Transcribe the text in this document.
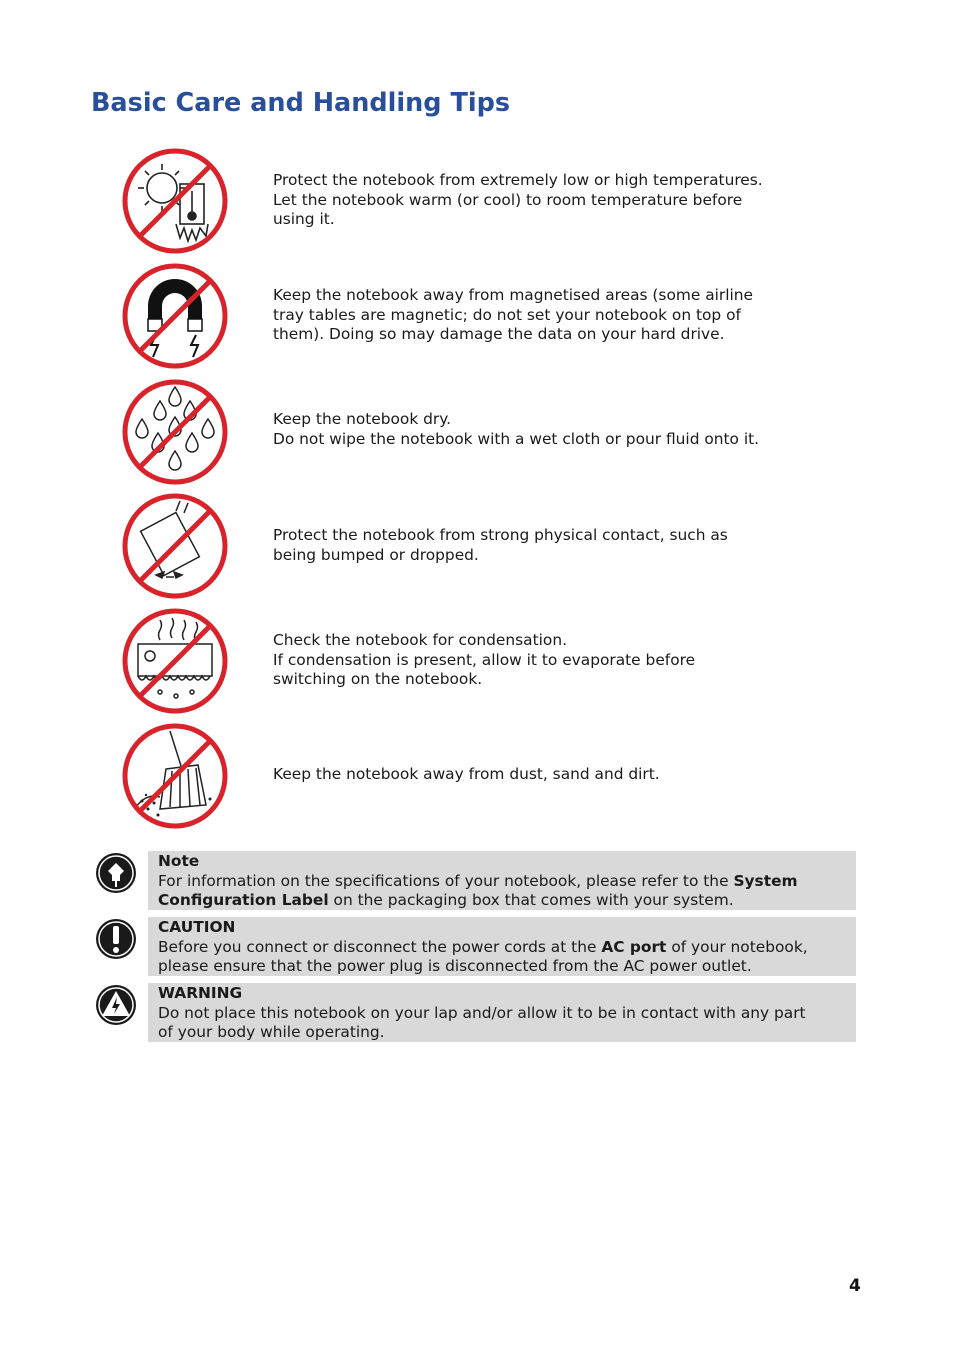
Basic Care and Handling Tips
Protect the notebook from extremely low or high temperatures.
Let the notebook warm (or cool) to room temperature before
using it.
Keep the notebook away from magnetised areas (some airline
tray tables are magnetic; do not set your notebook on top of
them). Doing so may damage the data on your hard drive.
Keep the notebook dry.
Do not wipe the notebook with a wet cloth or pour fluid onto it.
Protect the notebook from strong physical contact, such as
being bumped or dropped.
Check the notebook for condensation.
If condensation is present, allow it to evaporate before
switching on the notebook.
Keep the notebook away from dust, sand and dirt.
Note
For information on the specifications of your notebook, please refer to the System
Configuration Label on the packaging box that comes with your system.
CAUTION
Before you connect or disconnect the power cords at the AC port of your notebook,
please ensure that the power plug is disconnected from the AC power outlet.
WARNING
Do not place this notebook on your lap and/or allow it to be in contact with any part
of your body while operating.
4
